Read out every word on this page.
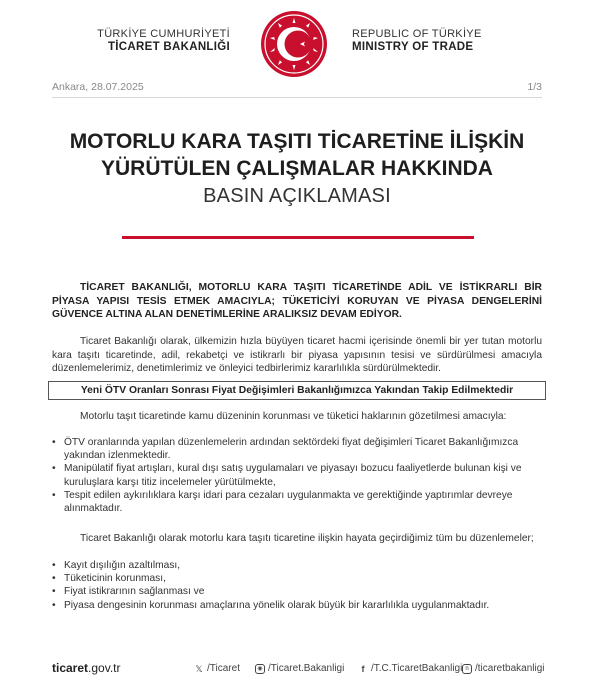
TÜRKİYE CUMHURİYETİ
TİCARET BAKANLIĞI
REPUBLIC OF TÜRKİYE
MINISTRY OF TRADE
Ankara, 28.07.2025	1/3
MOTORLU KARA TAŞITI TİCARETİNE İLİŞKİN
YÜRÜTÜLEN ÇALIŞMALAR HAKKINDA
BASIN AÇIKLAMASI
TİCARET BAKANLIĞI, MOTORLU KARA TAŞITI TİCARETİNDE ADİL VE İSTİKRARLI BİR PİYASA YAPISI TESİS ETMEK AMACIYLA; TÜKETİCİYİ KORUYAN VE PİYASA DENGELERİNİ GÜVENCE ALTINA ALAN DENETİMLERİNE ARALIKSIZ DEVAM EDİYOR.
Ticaret Bakanlığı olarak, ülkemizin hızla büyüyen ticaret hacmi içerisinde önemli bir yer tutan motorlu kara taşıtı ticaretinde, adil, rekabetçi ve istikrarlı bir piyasa yapısının tesisi ve sürdürülmesi amacıyla düzenlemelerimiz, denetimlerimiz ve önleyici tedbirlerimiz kararlılıkla sürdürülmektedir.
Yeni ÖTV Oranları Sonrası Fiyat Değişimleri Bakanlığımızca Yakından Takip Edilmektedir
Motorlu taşıt ticaretinde kamu düzeninin korunması ve tüketici haklarının gözetilmesi amacıyla:
• ÖTV oranlarında yapılan düzenlemelerin ardından sektördeki fiyat değişimleri Ticaret Bakanlığımızca yakından izlenmektedir.
• Manipülatif fiyat artışları, kural dışı satış uygulamaları ve piyasayı bozucu faaliyetlerde bulunan kişi ve kuruluşlara karşı titiz incelemeler yürütülmekte,
• Tespit edilen aykırılıklara karşı idari para cezaları uygulanmakta ve gerektiğinde yaptırımlar devreye alınmaktadır.
Ticaret Bakanlığı olarak motorlu kara taşıtı ticaretine ilişkin hayata geçirdiğimiz tüm bu düzenlemeler;
• Kayıt dışılığın azaltılması,
• Tüketicinin korunması,
• Fiyat istikrarının sağlanması ve
• Piyasa dengesinin korunması amaçlarına yönelik olarak büyük bir kararlılıkla uygulanmaktadır.
ticaret.gov.tr	𝕏 /Ticaret	◉ /Ticaret.Bakanligi	f /T.C.TicaretBakanligi n /ticaretbakanligi
